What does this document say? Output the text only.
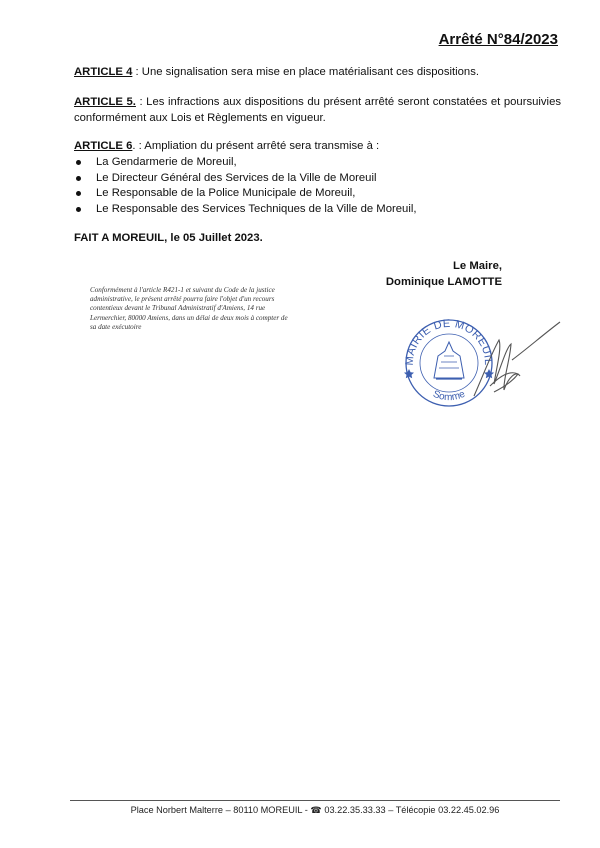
Arrêté N°84/2023
ARTICLE 4 : Une signalisation sera mise en place matérialisant ces dispositions.
ARTICLE 5. : Les infractions aux dispositions du présent arrêté seront constatées et poursuivies conformément aux Lois et Règlements en vigueur.
ARTICLE 6. : Ampliation du présent arrêté sera transmise à :
La Gendarmerie de Moreuil,
Le Directeur Général des Services de la Ville de Moreuil
Le Responsable de la Police Municipale de Moreuil,
Le Responsable des Services Techniques de la Ville de Moreuil,
FAIT A MOREUIL, le 05 Juillet 2023.
Le Maire,
Dominique LAMOTTE
Conformément à l'article R421-1 et suivant du Code de la justice administrative, le présent arrêté pourra faire l'objet d'un recours contentieux devant le Tribunal Administratif d'Amiens, 14 rue Lermerchier, 80000 Amiens, dans un délai de deux mois à compter de sa date exécutoire
MAIRIE DE MOREUIL
Somme
Place Norbert Malterre – 80110 MOREUIL - ☎ 03.22.35.33.33 – Télécopie 03.22.45.02.96
